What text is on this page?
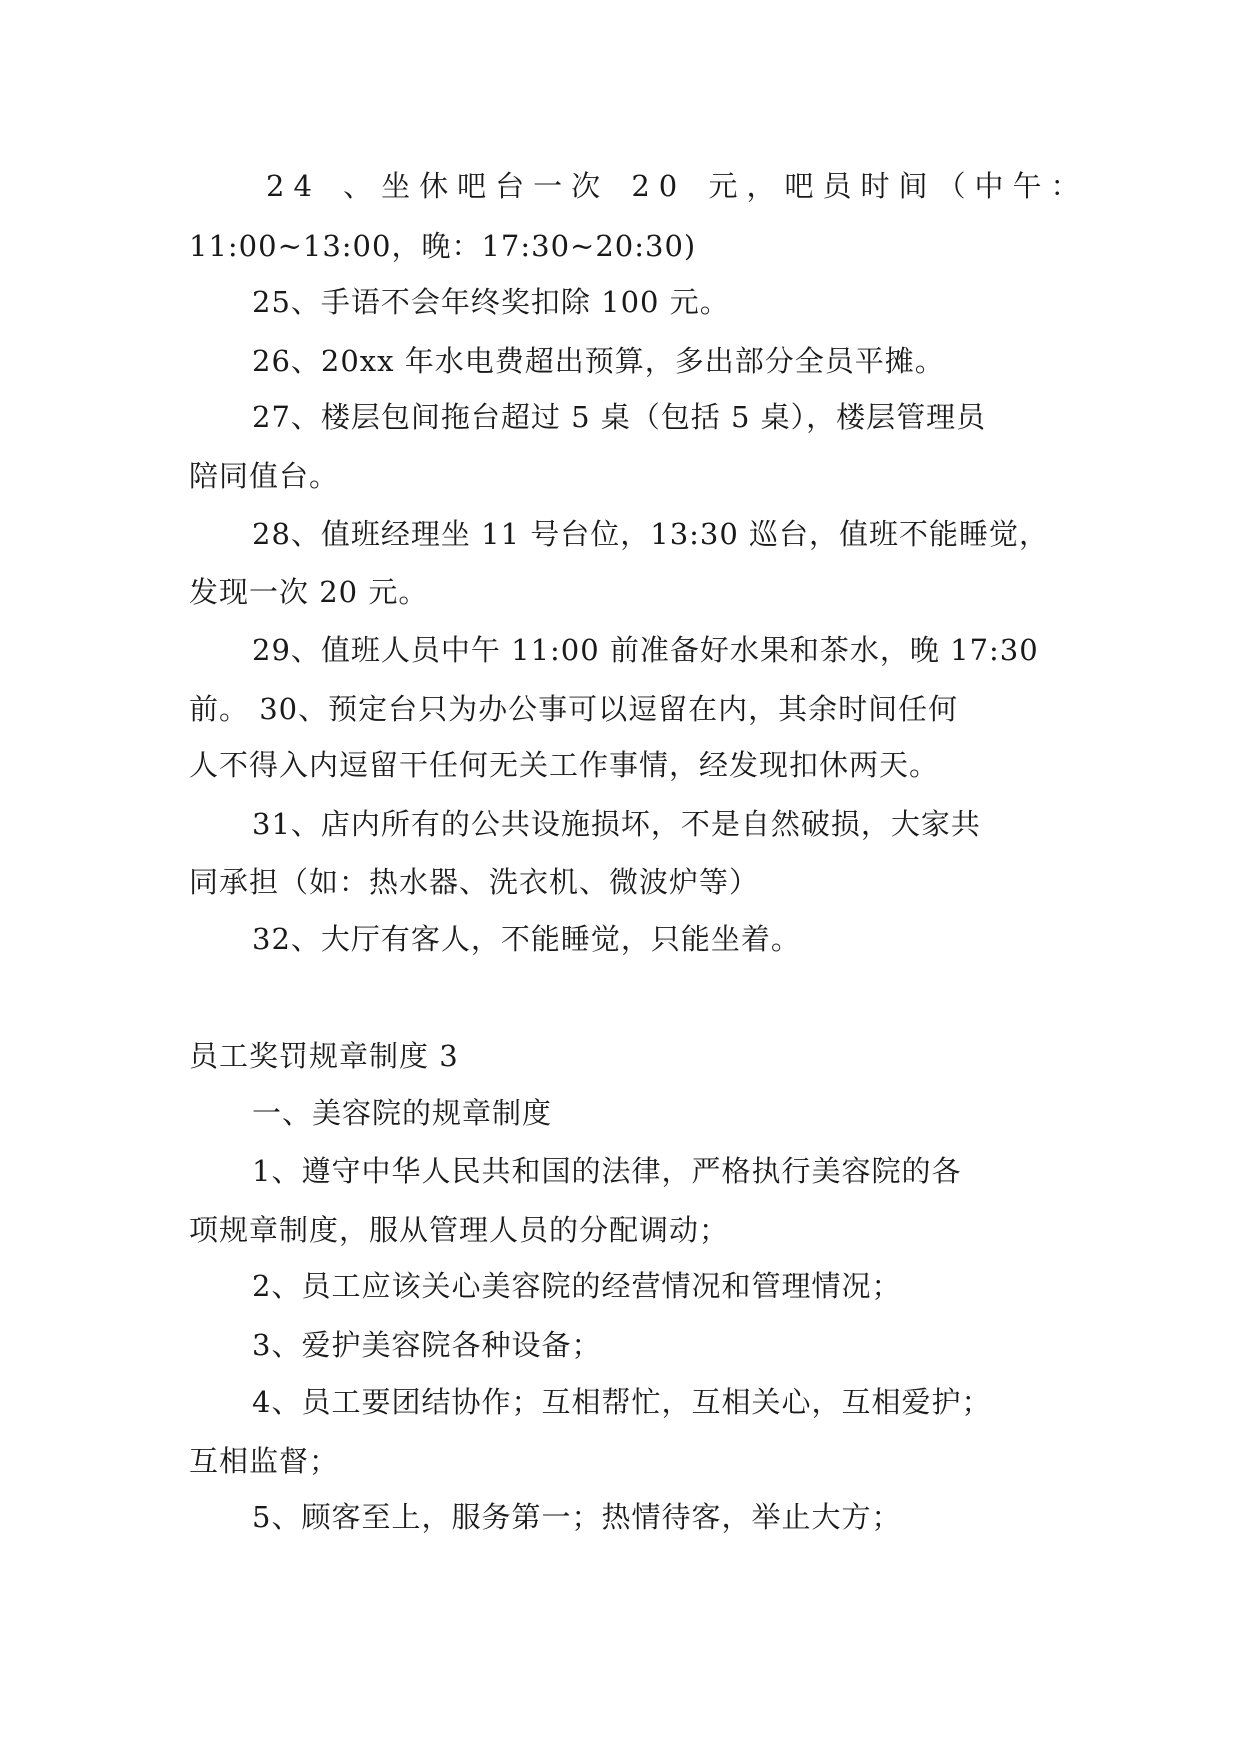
24 、坐休吧台一次 20 元，吧员时间（中午：
11:00~13:00，晚：17:30~20:30)
25、手语不会年终奖扣除 100 元。
26、20xx 年水电费超出预算，多出部分全员平摊。
27、楼层包间拖台超过 5 桌（包括 5 桌），楼层管理员
陪同值台。
28、值班经理坐 11 号台位，13:30 巡台，值班不能睡觉，
发现一次 20 元。
29、值班人员中午 11:00 前准备好水果和茶水，晚 17:30
前。 30、预定台只为办公事可以逗留在内，其余时间任何
人不得入内逗留干任何无关工作事情，经发现扣休两天。
31、店内所有的公共设施损坏，不是自然破损，大家共
同承担（如：热水器、洗衣机、微波炉等）
32、大厅有客人，不能睡觉，只能坐着。
员工奖罚规章制度 3
一、美容院的规章制度
1、遵守中华人民共和国的法律，严格执行美容院的各
项规章制度，服从管理人员的分配调动；
2、员工应该关心美容院的经营情况和管理情况；
3、爱护美容院各种设备；
4、员工要团结协作；互相帮忙，互相关心，互相爱护；
互相监督；
5、顾客至上，服务第一；热情待客，举止大方；
